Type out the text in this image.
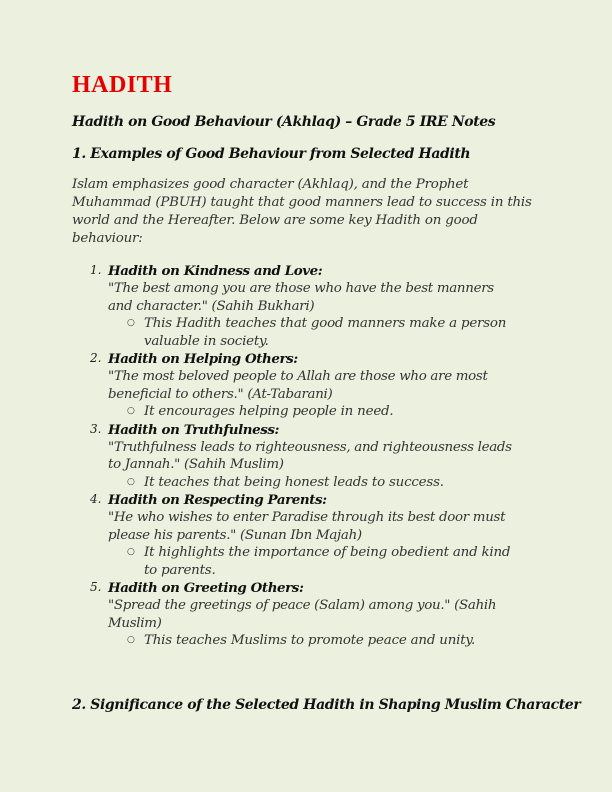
HADITH
Hadith on Good Behaviour (Akhlaq) – Grade 5 IRE Notes
1. Examples of Good Behaviour from Selected Hadith
Islam emphasizes good character (Akhlaq), and the Prophet Muhammad (PBUH) taught that good manners lead to success in this world and the Hereafter. Below are some key Hadith on good behaviour:
1. Hadith on Kindness and Love:
"The best among you are those who have the best manners and character." (Sahih Bukhari)
○ This Hadith teaches that good manners make a person valuable in society.
2. Hadith on Helping Others:
"The most beloved people to Allah are those who are most beneficial to others." (At-Tabarani)
○ It encourages helping people in need.
3. Hadith on Truthfulness:
"Truthfulness leads to righteousness, and righteousness leads to Jannah." (Sahih Muslim)
○ It teaches that being honest leads to success.
4. Hadith on Respecting Parents:
"He who wishes to enter Paradise through its best door must please his parents." (Sunan Ibn Majah)
○ It highlights the importance of being obedient and kind to parents.
5. Hadith on Greeting Others:
"Spread the greetings of peace (Salam) among you." (Sahih Muslim)
○ This teaches Muslims to promote peace and unity.
2. Significance of the Selected Hadith in Shaping Muslim Character
